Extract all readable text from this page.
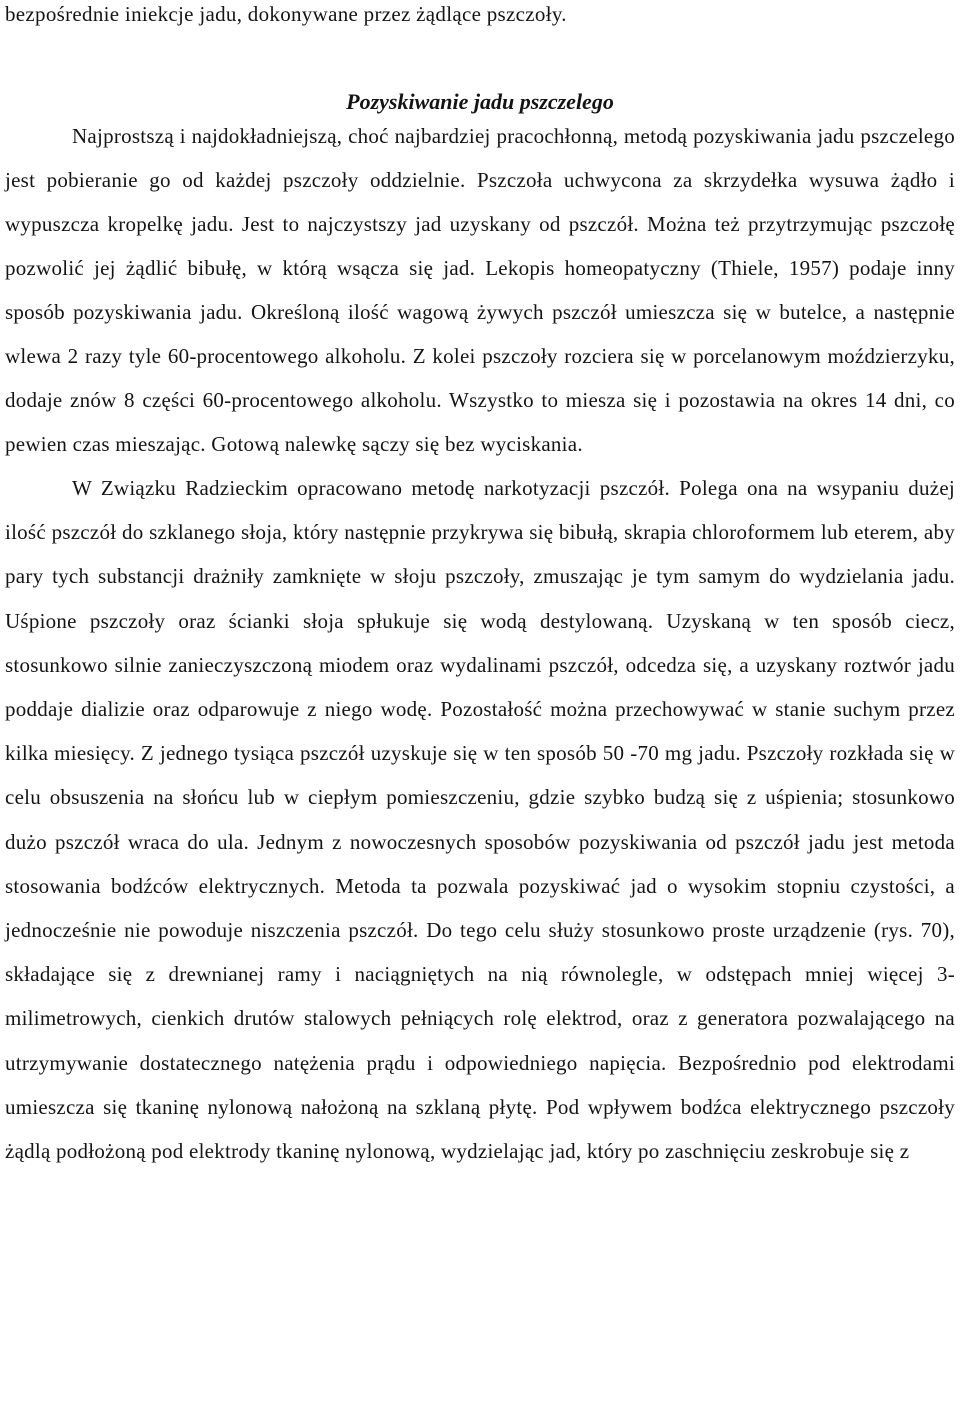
bezpośrednie iniekcje jadu, dokonywane przez żądlące pszczoły.

Pozyskiwanie jadu pszczelego

Najprostszą i najdokładniejszą, choć najbardziej pracochłonną, metodą pozyskiwania jadu pszczelego jest pobieranie go od każdej pszczoły oddzielnie. Pszczoła uchwycona za skrzydełka wysuwa żądło i wypuszcza kropelkę jadu. Jest to najczystszy jad uzyskany od pszczół. Można też przytrzymując pszczołę pozwolić jej żądlić bibułę, w którą wsącza się jad. Lekopis homeopatyczny (Thiele, 1957) podaje inny sposób pozyskiwania jadu. Określoną ilość wagową żywych pszczół umieszcza się w butelce, a następnie wlewa 2 razy tyle 60-procentowego alkoholu. Z kolei pszczoły rozciera się w porcelanowym moździerzyku, dodaje znów 8 części 60-procentowego alkoholu. Wszystko to miesza się i pozostawia na okres 14 dni, co pewien czas mieszając. Gotową nalewkę sączy się bez wyciskania.

W Związku Radzieckim opracowano metodę narkotyzacji pszczół. Polega ona na wsypaniu dużej ilość pszczół do szklanego słoja, który następnie przykrywa się bibułą, skrapia chloroformem lub eterem, aby pary tych substancji drażniły zamknięte w słoju pszczoły, zmuszając je tym samym do wydzielania jadu. Uśpione pszczoły oraz ścianki słoja spłukuje się wodą destylowaną. Uzyskaną w ten sposób ciecz, stosunkowo silnie zanieczyszczoną miodem oraz wydalinami pszczół, odcedza się, a uzyskany roztwór jadu poddaje dializie oraz odparowuje z niego wodę. Pozostałość można przechowywać w stanie suchym przez kilka miesięcy. Z jednego tysiąca pszczół uzyskuje się w ten sposób 50 -70 mg jadu. Pszczoły rozkłada się w celu obsuszenia na słońcu lub w ciepłym pomieszczeniu, gdzie szybko budzą się z uśpienia; stosunkowo dużo pszczół wraca do ula. Jednym z nowoczesnych sposobów pozyskiwania od pszczół jadu jest metoda stosowania bodźców elektrycznych. Metoda ta pozwala pozyskiwać jad o wysokim stopniu czystości, a jednocześnie nie powoduje niszczenia pszczół. Do tego celu służy stosunkowo proste urządzenie (rys. 70), składające się z drewnianej ramy i naciągniętych na nią równolegle, w odstępach mniej więcej 3-milimetrowych, cienkich drutów stalowych pełniących rolę elektrod, oraz z generatora pozwalającego na utrzymywanie dostatecznego natężenia prądu i odpowiedniego napięcia. Bezpośrednio pod elektrodami umieszcza się tkaninę nylonową nałożoną na szklaną płytę. Pod wpływem bodźca elektrycznego pszczoły żądlą podłożoną pod elektrody tkaninę nylonową, wydzielając jad, który po zaschnięciu zeskrobuje się z
